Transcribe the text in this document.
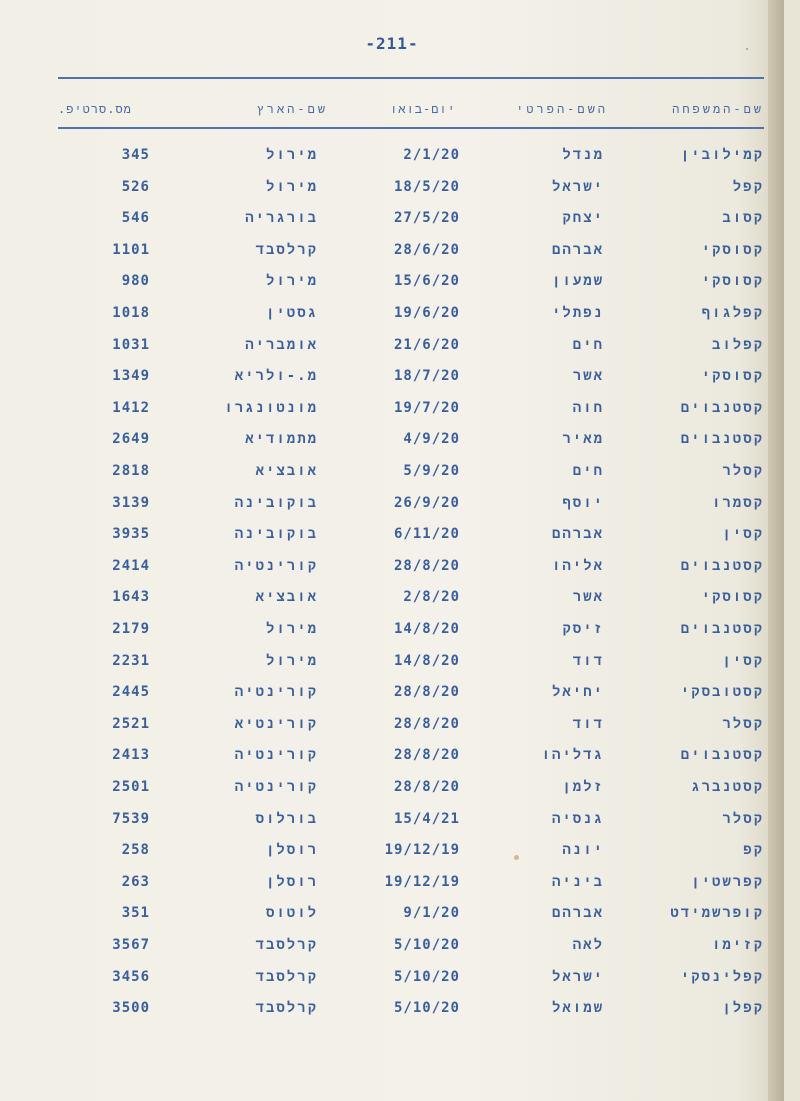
-211-
שם-המשפחה
השם-הפרטי
יום-בואו
שם-הארץ
מס.סרטיפ.
קמילובין
מנדל
2/1/20
מירול
345
קפל
ישראל
18/5/20
מירול
526
קסוב
יצחק
27/5/20
בורגריה
546
קסוסקי
אברהם
28/6/20
קרלסבד
1101
קסוסקי
שמעון
15/6/20
מירול
980
קפלגוף
נפתלי
19/6/20
גסטין
1018
קפלוב
חים
21/6/20
אומבריה
1031
קסוסקי
אשר
18/7/20
מ.-ולריא
1349
קסטנבוים
חוה
19/7/20
מונטונגרו
1412
קסטנבוים
מאיר
4/9/20
מתמודיא
2649
קסלר
חים
5/9/20
אובציא
2818
קסמרו
יוסף
26/9/20
בוקובינה
3139
קסין
אברהם
6/11/20
בוקובינה
3935
קסטנבוים
אליהו
28/8/20
קורינטיה
2414
קסוסקי
אשר
2/8/20
אובציא
1643
קסטנבוים
זיסק
14/8/20
מירול
2179
קסין
דוד
14/8/20
מירול
2231
קסטובסקי
יחיאל
28/8/20
קורינטיה
2445
קסלר
דוד
28/8/20
קורינטיא
2521
קסטנבוים
גדליהו
28/8/20
קורינטיה
2413
קסטנברג
זלמן
28/8/20
קורינטיה
2501
קסלר
גנסיה
15/4/21
בורלוס
7539
קפ
יונה
19/12/19
רוסלן
258
קפרשטין
ביניה
19/12/19
רוסלן
263
קופרשמידט
אברהם
9/1/20
לוטוס
351
קזימו
לאה
5/10/20
קרלסבד
3567
קפלינסקי
ישראל
5/10/20
קרלסבד
3456
קפלן
שמואל
5/10/20
קרלסבד
3500
